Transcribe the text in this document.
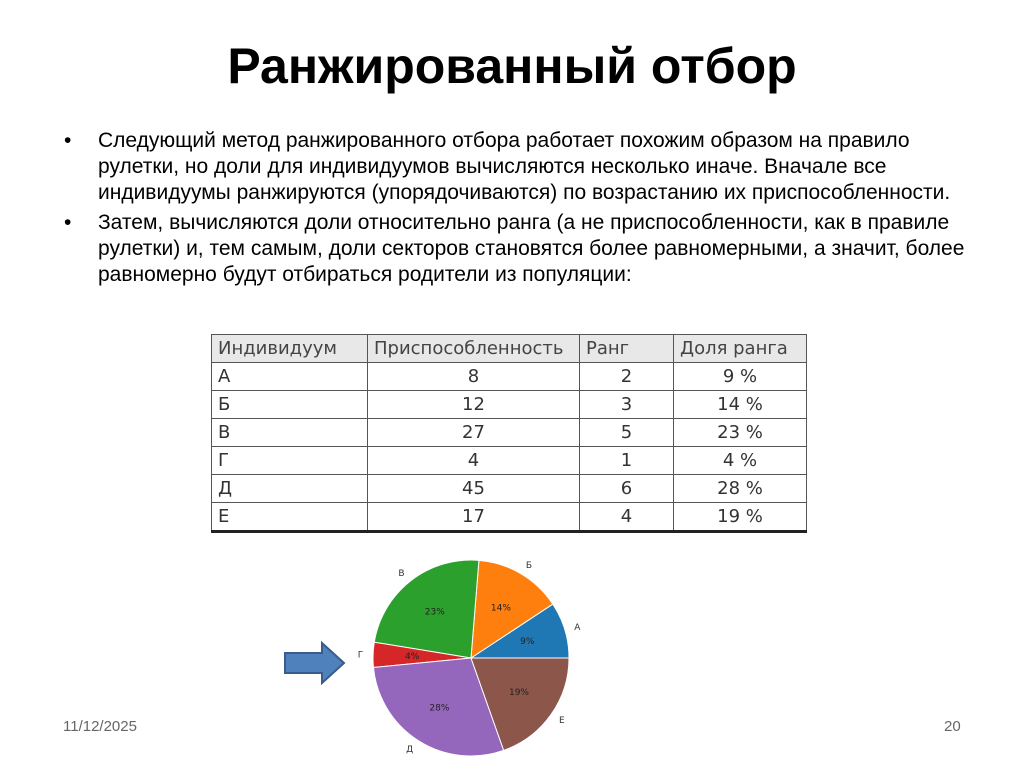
Ранжированный отбор
•	Следующий метод ранжированного отбора работает похожим образом на правило рулетки, но доли для индивидуумов вычисляются несколько иначе. Вначале все индивидуумы ранжируются (упорядочиваются) по возрастанию их приспособленности.
•	Затем, вычисляются доли относительно ранга (а не приспособленности, как в правиле рулетки) и, тем самым, доли секторов становятся более равномерными, а значит, более равномерно будут отбираться родители из популяции:
Индивидуум	Приспособленность	Ранг	Доля ранга
А	8	2	9 %
Б	12	3	14 %
В	27	5	23 %
Г	4	1	4 %
Д	45	6	28 %
Е	17	4	19 %
9%
А
14%
Б
23%
В
4%
Г
28%
Д
19%
Е
11/12/2025	20
